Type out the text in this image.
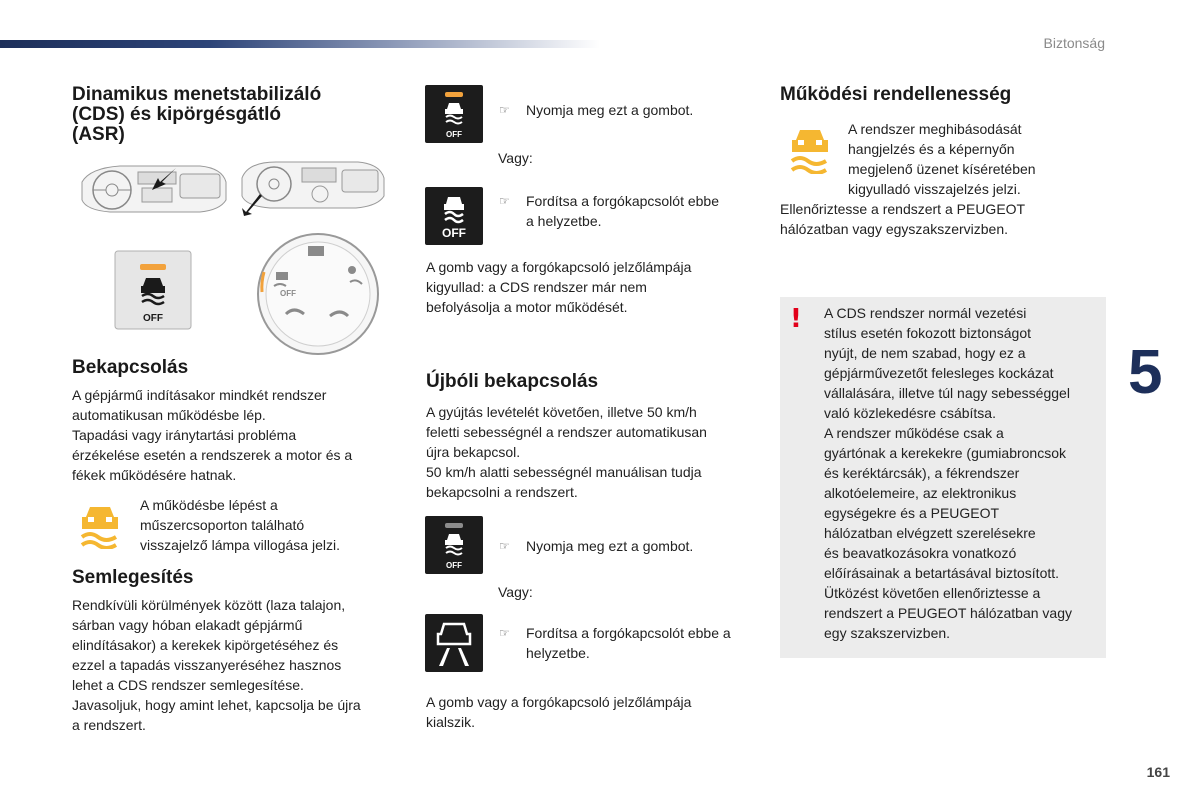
Biztonság
5
161
Dinamikus menetstabilizáló
(CDS) és kipörgésgátló
(ASR)
OFF
OFF
Bekapcsolás

A gépjármű indításakor mindkét rendszer
automatikusan működésbe lép.
Tapadási vagy iránytartási probléma
érzékelése esetén a rendszerek a motor és a
fékek működésére hatnak.

A működésbe lépést a
műszercsoporton található
visszajelző lámpa villogása jelzi.

Semlegesítés

Rendkívüli körülmények között (laza talajon,
sárban vagy hóban elakadt gépjármű
elindításakor) a kerekek kipörgetéséhez és
ezzel a tapadás visszanyeréséhez hasznos
lehet a CDS rendszer semlegesítése.
Javasoljuk, hogy amint lehet, kapcsolja be újra
a rendszert.

OFF
☞ Nyomja meg ezt a gombot.
Vagy:
OFF
☞ Fordítsa a forgókapcsolót ebbe
a helyzetbe.

A gomb vagy a forgókapcsoló jelzőlámpája
kigyullad: a CDS rendszer már nem
befolyásolja a motor működését.

Újbóli bekapcsolás

A gyújtás levételét követően, illetve 50 km/h
feletti sebességnél a rendszer automatikusan
újra bekapcsol.
50 km/h alatti sebességnél manuálisan tudja
bekapcsolni a rendszert.

OFF
☞ Nyomja meg ezt a gombot.
Vagy:
☞ Fordítsa a forgókapcsolót ebbe a
helyzetbe.

A gomb vagy a forgókapcsoló jelzőlámpája
kialszik.

Működési rendellenesség

A rendszer meghibásodását
hangjelzés és a képernyőn
megjelenő üzenet kíséretében
kigyulladó visszajelzés jelzi.

Ellenőriztesse a rendszert a PEUGEOT
hálózatban vagy egyszakszervizben.

! A CDS rendszer normál vezetési
stílus esetén fokozott biztonságot
nyújt, de nem szabad, hogy ez a
gépjárművezetőt felesleges kockázat
vállalására, illetve túl nagy sebességgel
való közlekedésre csábítsa.
A rendszer működése csak a
gyártónak a kerekekre (gumiabroncsok
és keréktárcsák), a fékrendszer
alkotóelemeire, az elektronikus
egységekre és a PEUGEOT
hálózatban elvégzett szerelésekre
és beavatkozásokra vonatkozó
előírásainak a betartásával biztosított.
Ütközést követően ellenőriztesse a
rendszert a PEUGEOT hálózatban vagy
egy szakszervizben.
